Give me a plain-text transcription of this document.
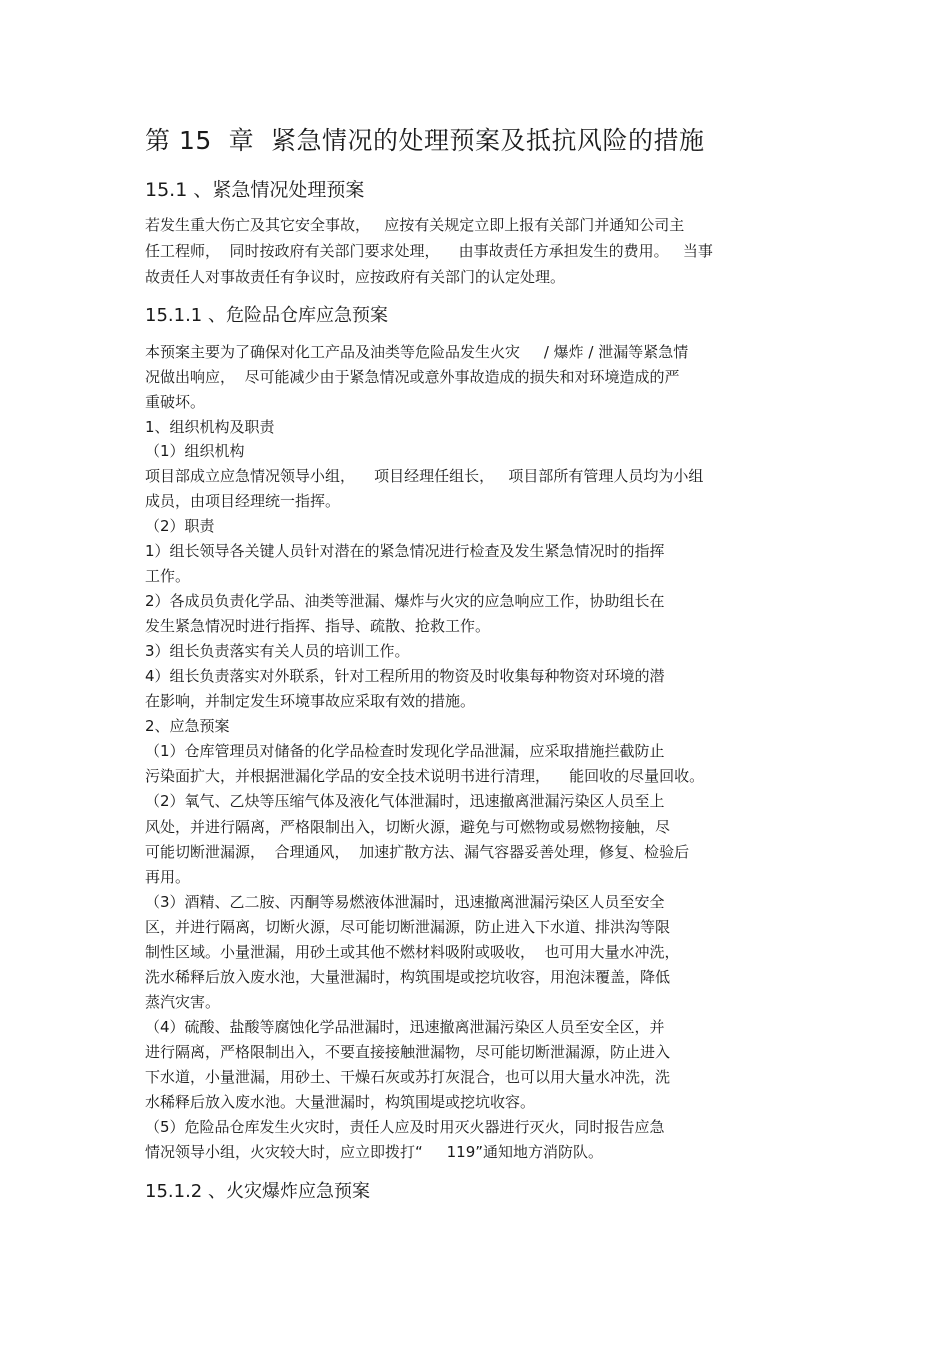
第 15  章  紧急情况的处理预案及抵抗风险的措施
15.1 、紧急情况处理预案
若发生重大伤亡及其它安全事故，   应按有关规定立即上报有关部门并通知公司主
任工程师，  同时按政府有关部门要求处理，    由事故责任方承担发生的费用。   当事
故责任人对事故责任有争议时，应按政府有关部门的认定处理。
15.1.1 、危险品仓库应急预案
本预案主要为了确保对化工产品及油类等危险品发生火灾     / 爆炸 / 泄漏等紧急情
况做出响应，  尽可能减少由于紧急情况或意外事故造成的损失和对环境造成的严
重破坏。
1、组织机构及职责
（1）组织机构
项目部成立应急情况领导小组，    项目经理任组长，   项目部所有管理人员均为小组
成员，由项目经理统一指挥。
（2）职责
1）组长领导各关键人员针对潜在的紧急情况进行检查及发生紧急情况时的指挥
工作。
2）各成员负责化学品、油类等泄漏、爆炸与火灾的应急响应工作，协助组长在
发生紧急情况时进行指挥、指导、疏散、抢救工作。
3）组长负责落实有关人员的培训工作。
4）组长负责落实对外联系，针对工程所用的物资及时收集每种物资对环境的潜
在影响，并制定发生环境事故应采取有效的措施。
2、应急预案
（1）仓库管理员对储备的化学品检查时发现化学品泄漏，应采取措施拦截防止
污染面扩大，并根据泄漏化学品的安全技术说明书进行清理，    能回收的尽量回收。
（2）氧气、乙炔等压缩气体及液化气体泄漏时，迅速撤离泄漏污染区人员至上
风处，并进行隔离，严格限制出入，切断火源，避免与可燃物或易燃物接触，尽
可能切断泄漏源，  合理通风，  加速扩散方法、漏气容器妥善处理，修复、检验后
再用。
（3）酒精、乙二胺、丙酮等易燃液体泄漏时，迅速撤离泄漏污染区人员至安全
区，并进行隔离，切断火源，尽可能切断泄漏源，防止进入下水道、排洪沟等限
制性区域。小量泄漏，用砂土或其他不燃材料吸附或吸收，  也可用大量水冲洗，
洗水稀释后放入废水池，大量泄漏时，构筑围堤或挖坑收容，用泡沫覆盖，降低
蒸汽灾害。
（4）硫酸、盐酸等腐蚀化学品泄漏时，迅速撤离泄漏污染区人员至安全区，并
进行隔离，严格限制出入，不要直接接触泄漏物，尽可能切断泄漏源，防止进入
下水道，小量泄漏，用砂土、干燥石灰或苏打灰混合，也可以用大量水冲洗，洗
水稀释后放入废水池。大量泄漏时，构筑围堤或挖坑收容。
（5）危险品仓库发生火灾时，责任人应及时用灭火器进行灭火，同时报告应急
情况领导小组，火灾较大时，应立即拨打“     119”通知地方消防队。
15.1.2 、火灾爆炸应急预案
